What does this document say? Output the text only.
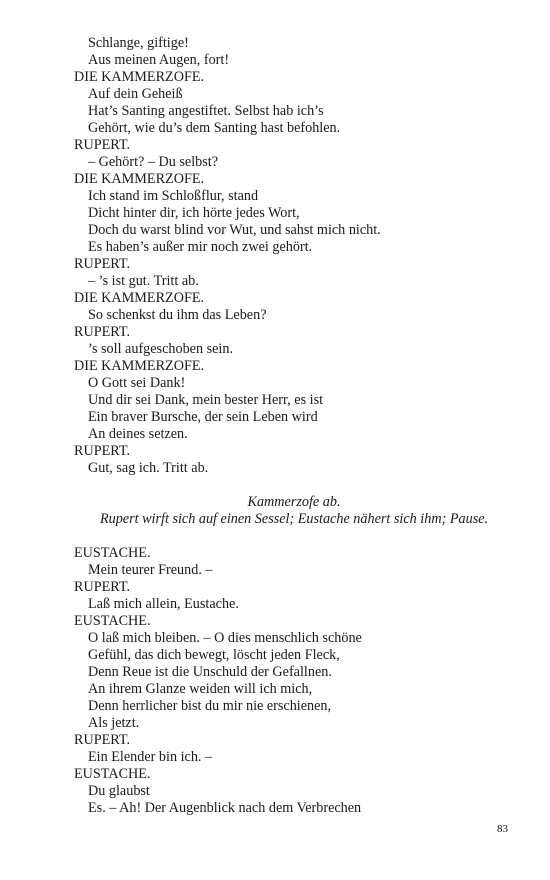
Schlange, giftige!
Aus meinen Augen, fort!
DIE KAMMERZOFE.
Auf dein Geheiß
Hat’s Santing angestiftet. Selbst hab ich’s
Gehört, wie du’s dem Santing hast befohlen.
RUPERT.
– Gehört? – Du selbst?
DIE KAMMERZOFE.
Ich stand im Schloßflur, stand
Dicht hinter dir, ich hörte jedes Wort,
Doch du warst blind vor Wut, und sahst mich nicht.
Es haben’s außer mir noch zwei gehört.
RUPERT.
– ’s ist gut. Tritt ab.
DIE KAMMERZOFE.
So schenkst du ihm das Leben?
RUPERT.
’s soll aufgeschoben sein.
DIE KAMMERZOFE.
O Gott sei Dank!
Und dir sei Dank, mein bester Herr, es ist
Ein braver Bursche, der sein Leben wird
An deines setzen.
RUPERT.
Gut, sag ich. Tritt ab.
Kammerzofe ab.
Rupert wirft sich auf einen Sessel; Eustache nähert sich ihm; Pause.
EUSTACHE.
Mein teurer Freund. –
RUPERT.
Laß mich allein, Eustache.
EUSTACHE.
O laß mich bleiben. – O dies menschlich schöne
Gefühl, das dich bewegt, löscht jeden Fleck,
Denn Reue ist die Unschuld der Gefallnen.
An ihrem Glanze weiden will ich mich,
Denn herrlicher bist du mir nie erschienen,
Als jetzt.
RUPERT.
Ein Elender bin ich. –
EUSTACHE.
Du glaubst
Es. – Ah! Der Augenblick nach dem Verbrechen
83
